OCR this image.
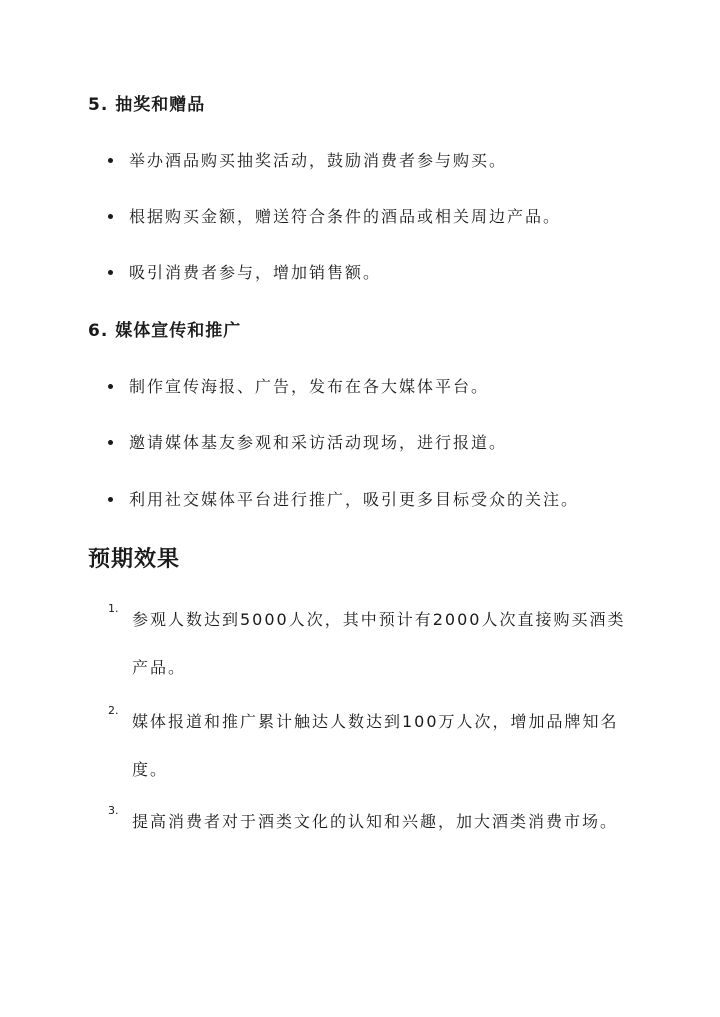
5. 抽奖和赠品
举办酒品购买抽奖活动，鼓励消费者参与购买。
根据购买金额，赠送符合条件的酒品或相关周边产品。
吸引消费者参与，增加销售额。
6. 媒体宣传和推广
制作宣传海报、广告，发布在各大媒体平台。
邀请媒体基友参观和采访活动现场，进行报道。
利用社交媒体平台进行推广，吸引更多目标受众的关注。
预期效果
1.
参观人数达到5000人次，其中预计有2000人次直接购买酒类产品。
2.
媒体报道和推广累计触达人数达到100万人次，增加品牌知名度。
3.
提高消费者对于酒类文化的认知和兴趣，加大酒类消费市场。
